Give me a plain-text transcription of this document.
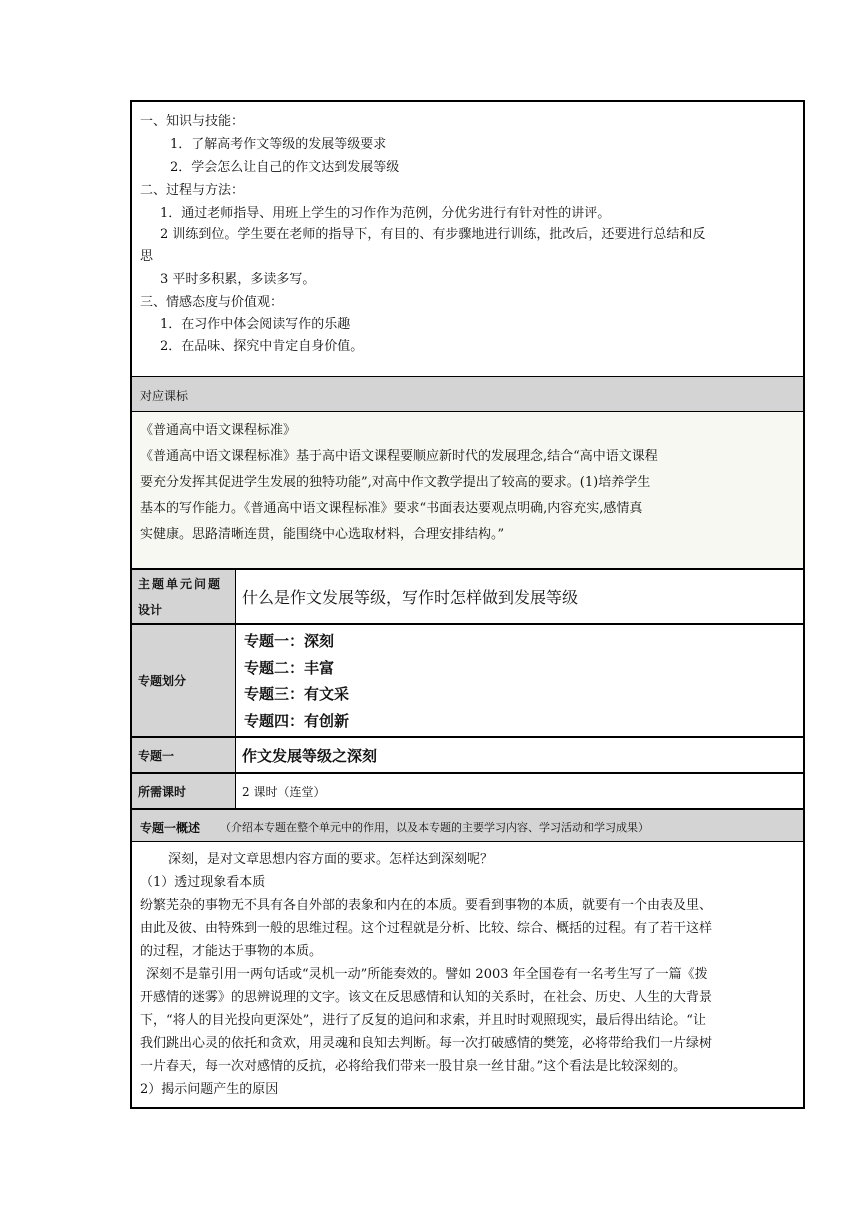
一、知识与技能：
1．了解高考作文等级的发展等级要求
2．学会怎么让自己的作文达到发展等级
二、过程与方法：
1．通过老师指导、用班上学生的习作作为范例，分优劣进行有针对性的讲评。
2 训练到位。学生要在老师的指导下，有目的、有步骤地进行训练，批改后，还要进行总结和反
思
3 平时多积累，多读多写。
三、情感态度与价值观：
1．在习作中体会阅读写作的乐趣
2．在品味、探究中肯定自身价值。
对应课标
《普通高中语文课程标准》
《普通高中语文课程标准》基于高中语文课程要顺应新时代的发展理念,结合“高中语文课程
要充分发挥其促进学生发展的独特功能”,对高中作文教学提出了较高的要求。(1)培养学生
基本的写作能力。《普通高中语文课程标准》要求“书面表达要观点明确,内容充实,感情真
实健康。思路清晰连贯，能围绕中心选取材料，合理安排结构。”
主题单元问题
设计
什么是作文发展等级，写作时怎样做到发展等级
专题划分
专题一：深刻
专题二：丰富
专题三：有文采
专题四：有创新
专题一	作文发展等级之深刻
所需课时	2 课时（连堂）
专题一概述 （介绍本专题在整个单元中的作用，以及本专题的主要学习内容、学习活动和学习成果）
深刻，是对文章思想内容方面的要求。怎样达到深刻呢？
（1）透过现象看本质
纷繁芜杂的事物无不具有各自外部的表象和内在的本质。要看到事物的本质，就要有一个由表及里、
由此及彼、由特殊到一般的思维过程。这个过程就是分析、比较、综合、概括的过程。有了若干这样
的过程，才能达于事物的本质。
深刻不是靠引用一两句话或“灵机一动”所能奏效的。譬如 2003 年全国卷有一名考生写了一篇《拨
开感情的迷雾》的思辨说理的文字。该文在反思感情和认知的关系时，在社会、历史、人生的大背景
下，“将人的目光投向更深处”，进行了反复的追问和求索，并且时时观照现实，最后得出结论。“让
我们跳出心灵的依托和贪欢，用灵魂和良知去判断。每一次打破感情的樊笼，必将带给我们一片绿树
一片春天，每一次对感情的反抗，必将给我们带来一股甘泉一丝甘甜。”这个看法是比较深刻的。
2）揭示问题产生的原因
